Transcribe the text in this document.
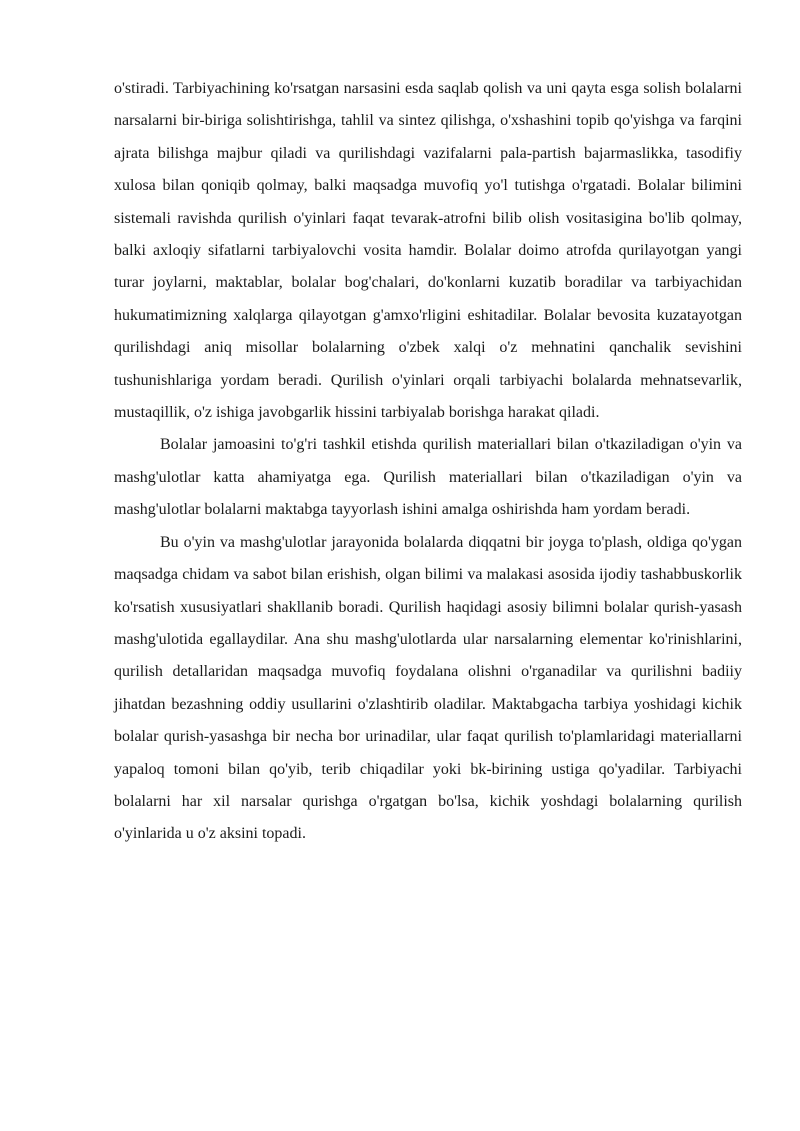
o'stiradi. Tarbiyachining ko'rsatgan narsasini esda saqlab qolish va uni qayta esga solish bolalarni narsalarni bir-biriga solishtirishga, tahlil va sintez qilishga, o'xshashini topib qo'yishga va farqini ajrata bilishga majbur qiladi va qurilishdagi vazifalarni pala-partish bajarmaslikka, tasodifiy xulosa bilan qoniqib qolmay, balki maqsadga muvofiq yo'l tutishga o'rgatadi. Bolalar bilimini sistemali ravishda qurilish o'yinlari faqat tevarak-atrofni bilib olish vositasigina bo'lib qolmay, balki axloqiy sifatlarni tarbiyalovchi vosita hamdir. Bolalar doimo atrofda qurilayotgan yangi turar joylarni, maktablar, bolalar bog'chalari, do'konlarni kuzatib boradilar va tarbiyachidan hukumatimizning xalqlarga qilayotgan g'amxo'rligini eshitadilar. Bolalar bevosita kuzatayotgan qurilishdagi aniq misollar bolalarning o'zbek xalqi o'z mehnatini qanchalik sevishini tushunishlariga yordam beradi. Qurilish o'yinlari orqali tarbiyachi bolalarda mehnatsevarlik, mustaqillik, o'z ishiga javobgarlik hissini tarbiyalab borishga harakat qiladi.

Bolalar jamoasini to'g'ri tashkil etishda qurilish materiallari bilan o'tkaziladigan o'yin va mashg'ulotlar katta ahamiyatga ega. Qurilish materiallari bilan o'tkaziladigan o'yin va mashg'ulotlar bolalarni maktabga tayyorlash ishini amalga oshirishda ham yordam beradi.

Bu o'yin va mashg'ulotlar jarayonida bolalarda diqqatni bir joyga to'plash, oldiga qo'ygan maqsadga chidam va sabot bilan erishish, olgan bilimi va malakasi asosida ijodiy tashabbuskorlik ko'rsatish xususiyatlari shakllanib boradi. Qurilish haqidagi asosiy bilimni bolalar qurish-yasash mashg'ulotida egallaydilar. Ana shu mashg'ulotlarda ular narsalarning elementar ko'rinishlarini, qurilish detallaridan maqsadga muvofiq foydalana olishni o'rganadilar va qurilishni badiiy jihatdan bezashning oddiy usullarini o'zlashtirib oladilar. Maktabgacha tarbiya yoshidagi kichik bolalar qurish-yasashga bir necha bor urinadilar, ular faqat qurilish to'plamlaridagi materiallarni yapaloq tomoni bilan qo'yib, terib chiqadilar yoki bk-birining ustiga qo'yadilar. Tarbiyachi bolalarni har xil narsalar qurishga o'rgatgan bo'lsa, kichik yoshdagi bolalarning qurilish o'yinlarida u o'z aksini topadi.
